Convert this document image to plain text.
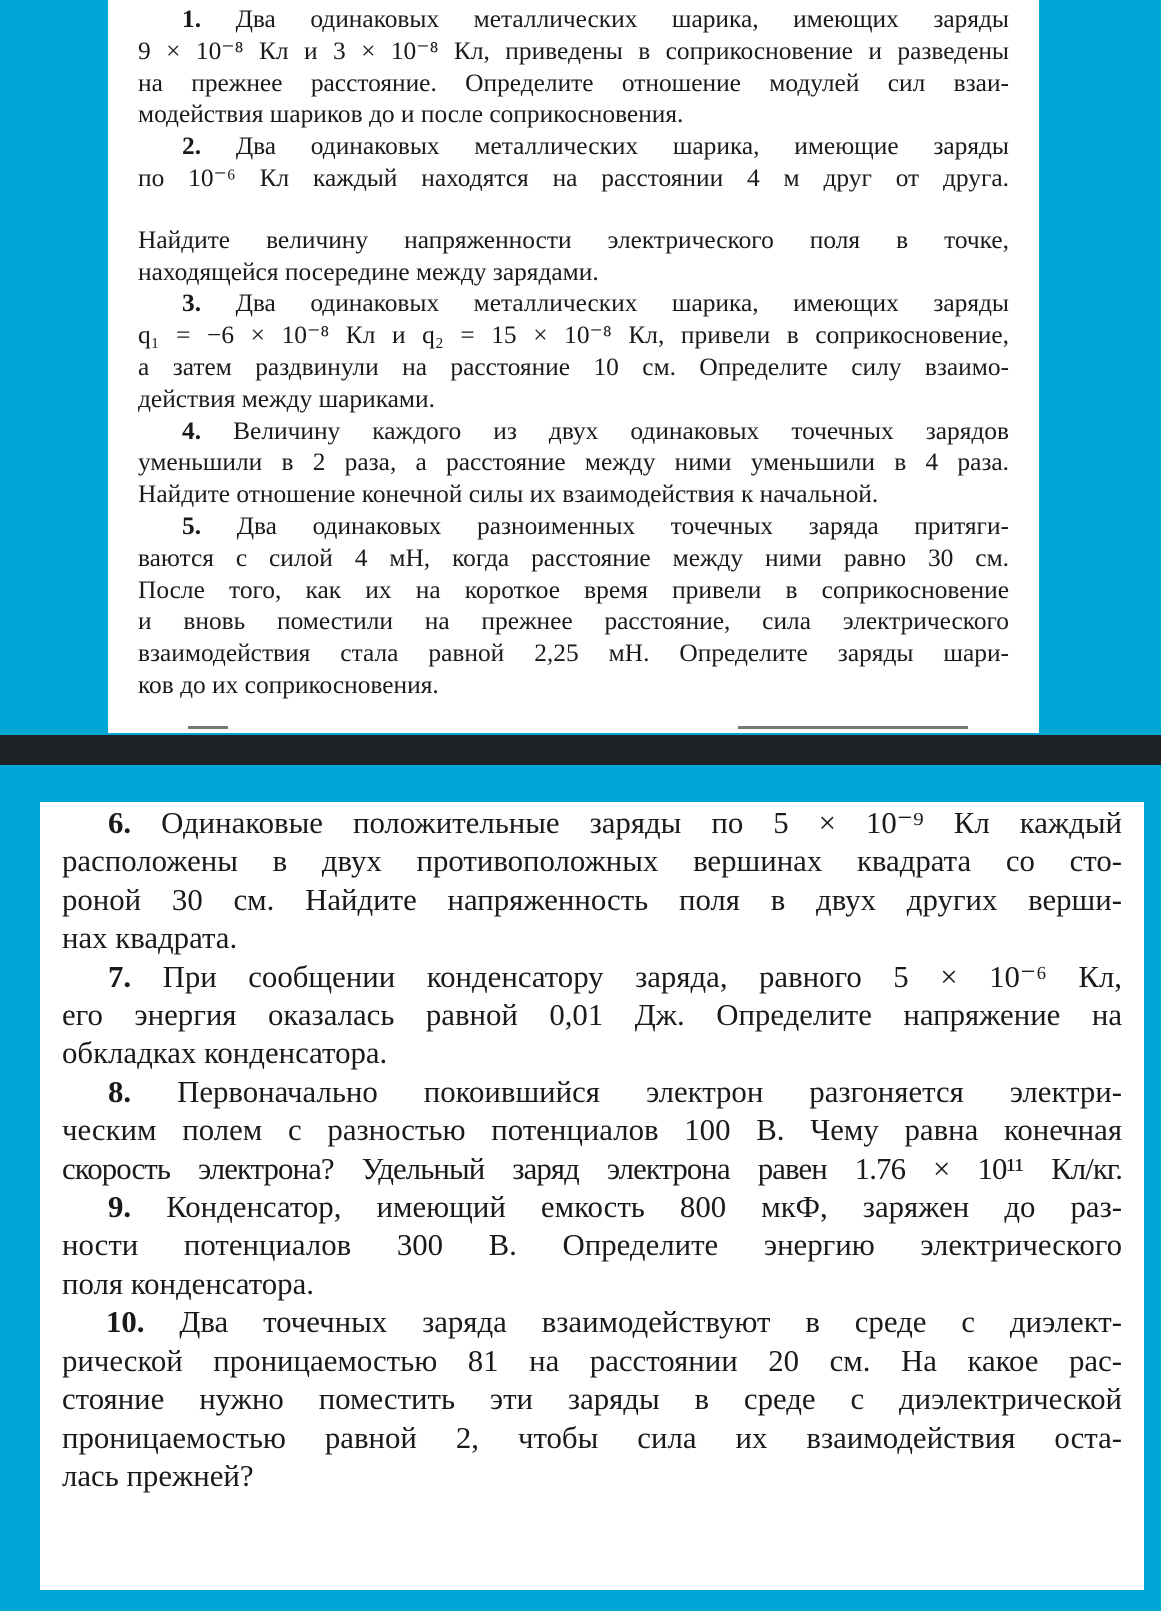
1. Два одинаковых металлических шарика, имеющих заряды

9 × 10⁻⁸ Кл и 3 × 10⁻⁸ Кл, приведены в соприкосновение и разведены

на прежнее расстояние. Определите отношение модулей сил взаи-

модействия шариков до и после соприкосновения.

2. Два одинаковых металлических шарика, имеющие заряды

по 10⁻⁶ Кл каждый находятся на расстоянии 4 м друг от друга.

Найдите величину напряженности электрического поля в точке,

находящейся посередине между зарядами.

3. Два одинаковых металлических шарика, имеющих заряды

q₁ = −6 × 10⁻⁸ Кл и q₂ = 15 × 10⁻⁸ Кл, привели в соприкосновение,

а затем раздвинули на расстояние 10 см. Определите силу взаимо-

действия между шариками.

4. Величину каждого из двух одинаковых точечных зарядов

уменьшили в 2 раза, а расстояние между ними уменьшили в 4 раза.

Найдите отношение конечной силы их взаимодействия к начальной.

5. Два одинаковых разноименных точечных заряда притяги-

ваются с силой 4 мН, когда расстояние между ними равно 30 см.

После того, как их на короткое время привели в соприкосновение

и вновь поместили на прежнее расстояние, сила электрического

взаимодействия стала равной 2,25 мН. Определите заряды шари-

ков до их соприкосновения.

6. Одинаковые положительные заряды по 5 × 10⁻⁹ Кл каждый

расположены в двух противоположных вершинах квадрата со сто-

роной 30 см. Найдите напряженность поля в двух других верши-

нах квадрата.

7. При сообщении конденсатору заряда, равного 5 × 10⁻⁶ Кл,

его энергия оказалась равной 0,01 Дж. Определите напряжение на

обкладках конденсатора.

8. Первоначально покоившийся электрон разгоняется электри-

ческим полем с разностью потенциалов 100 В. Чему равна конечная

скорость электрона? Удельный заряд электрона равен 1.76 × 10¹¹ Кл/кг.

9. Конденсатор, имеющий емкость 800 мкФ, заряжен до раз-

ности потенциалов 300 В. Определите энергию электрического

поля конденсатора.

10. Два точечных заряда взаимодействуют в среде с диэлект-

рической проницаемостью 81 на расстоянии 20 см. На какое рас-

стояние нужно поместить эти заряды в среде с диэлектрической

проницаемостью равной 2, чтобы сила их взаимодействия оста-

лась прежней?
